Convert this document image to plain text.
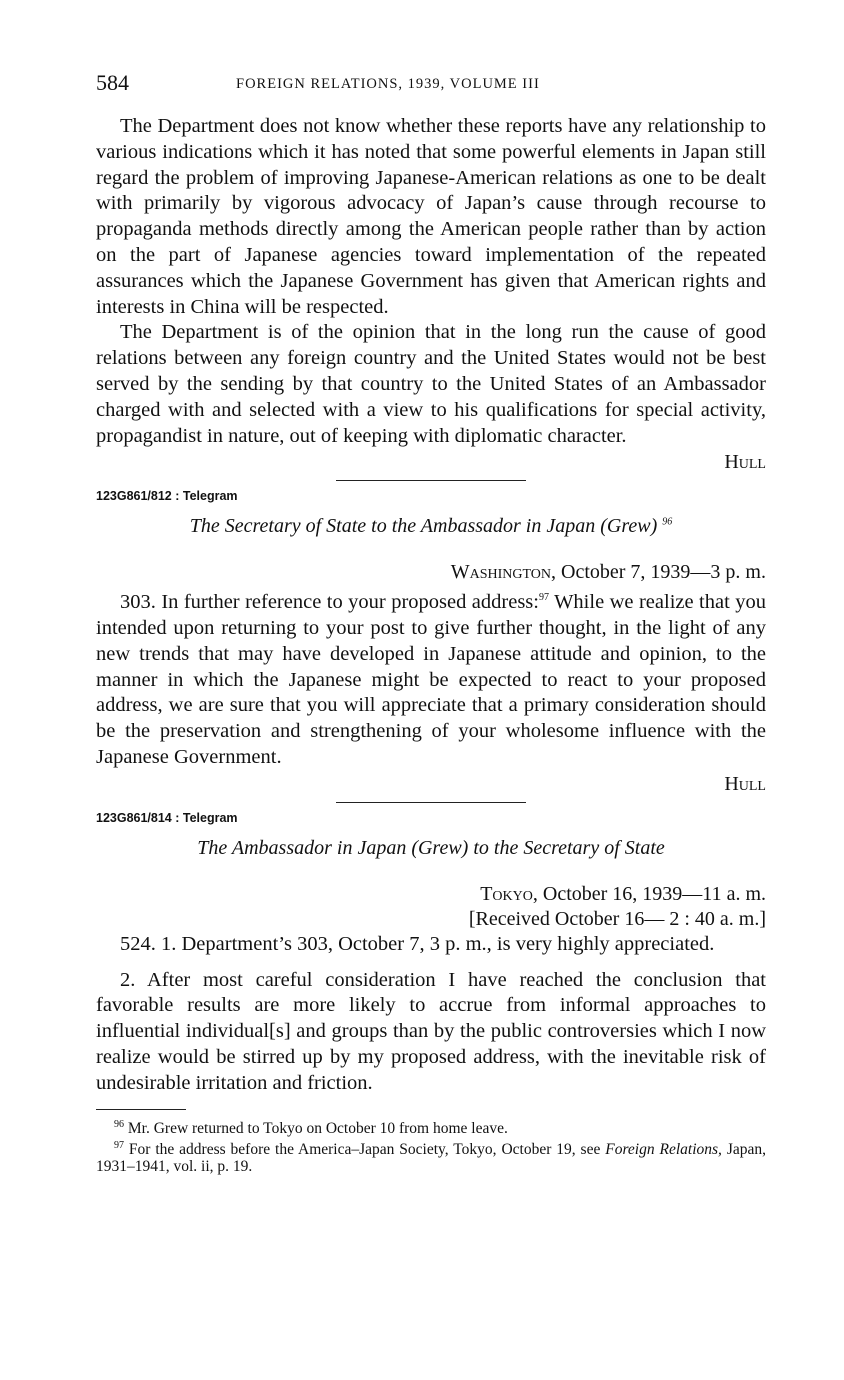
584	FOREIGN RELATIONS, 1939, VOLUME III

The Department does not know whether these reports have any relationship to various indications which it has noted that some powerful elements in Japan still regard the problem of improving Japanese-American relations as one to be dealt with primarily by vigorous advocacy of Japan’s cause through recourse to propaganda methods directly among the American people rather than by action on the part of Japanese agencies toward implementation of the repeated assurances which the Japanese Government has given that American rights and interests in China will be respected.

The Department is of the opinion that in the long run the cause of good relations between any foreign country and the United States would not be best served by the sending by that country to the United States of an Ambassador charged with and selected with a view to his qualifications for special activity, propagandist in nature, out of keeping with diplomatic character.

Hull
123G861/812 : Telegram
The Secretary of State to the Ambassador in Japan (Grew) $^{96}$
Washington, October 7, 1939—3 p. m.

303. In further reference to your proposed address:$^{97}$ While we realize that you intended upon returning to your post to give further thought, in the light of any new trends that may have developed in Japanese attitude and opinion, to the manner in which the Japanese might be expected to react to your proposed address, we are sure that you will appreciate that a primary consideration should be the preservation and strengthening of your wholesome influence with the Japanese Government.

Hull
123G861/814 : Telegram
The Ambassador in Japan (Grew) to the Secretary of State
Tokyo, October 16, 1939—11 a. m.
[Received October 16— 2 : 40 a. m.]

524. 1. Department’s 303, October 7, 3 p. m., is very highly appreciated.

2. After most careful consideration I have reached the conclusion that favorable results are more likely to accrue from informal approaches to influential individual[s] and groups than by the public controversies which I now realize would be stirred up by my proposed address, with the inevitable risk of undesirable irritation and friction.

$^{96}$ Mr. Grew returned to Tokyo on October 10 from home leave.

$^{97}$ For the address before the America–Japan Society, Tokyo, October 19, see Foreign Relations, Japan, 1931–1941, vol. ii, p. 19.
